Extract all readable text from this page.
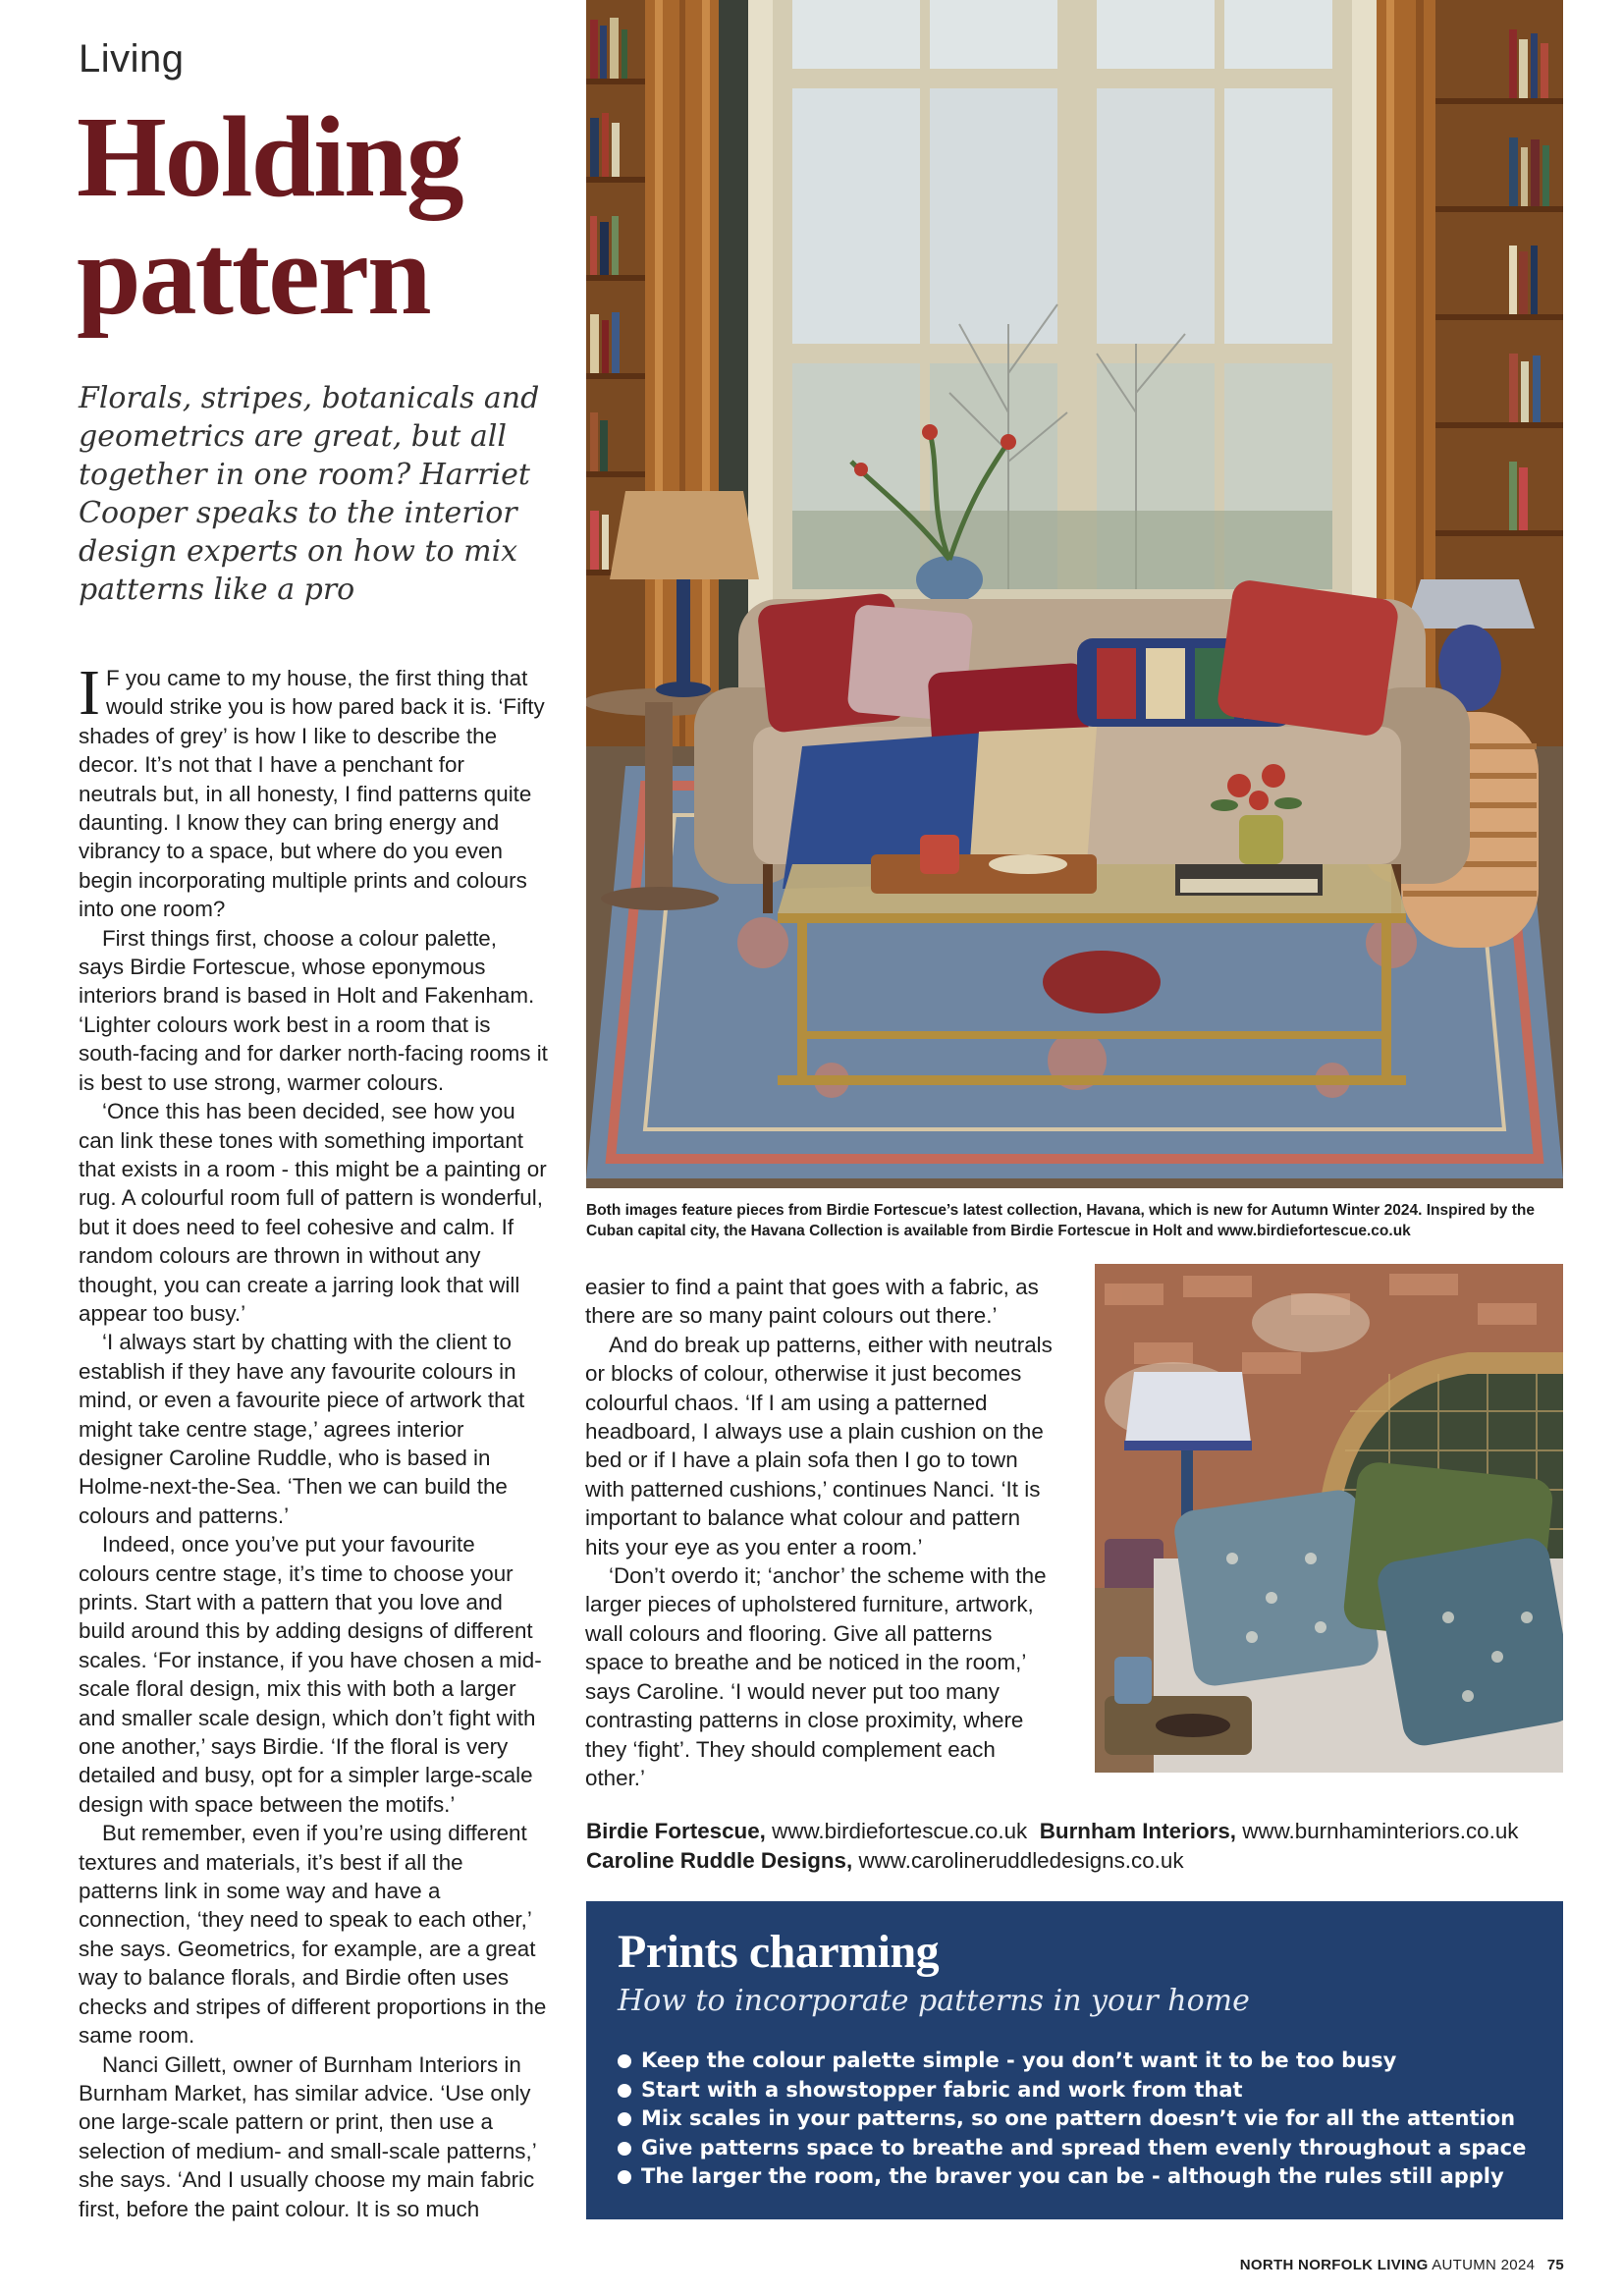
Living
Holding
pattern
Florals, stripes, botanicals and geometrics are great, but all together in one room? Harriet Cooper speaks to the interior design experts on how to mix patterns like a pro

I F you came to my house, the first thing that would strike you is how pared back it is. ‘Fifty shades of grey’ is how I like to describe the decor. It’s not that I have a penchant for neutrals but, in all honesty, I find patterns quite daunting. I know they can bring energy and vibrancy to a space, but where do you even begin incorporating multiple prints and colours into one room?

First things first, choose a colour palette, says Birdie Fortescue, whose eponymous interiors brand is based in Holt and Fakenham. ‘Lighter colours work best in a room that is south-facing and for darker north-facing rooms it is best to use strong, warmer colours.

‘Once this has been decided, see how you can link these tones with something important that exists in a room - this might be a painting or rug. A colourful room full of pattern is wonderful, but it does need to feel cohesive and calm. If random colours are thrown in without any thought, you can create a jarring look that will appear too busy.’

‘I always start by chatting with the client to establish if they have any favourite colours in mind, or even a favourite piece of artwork that might take centre stage,’ agrees interior designer Caroline Ruddle, who is based in Holme-next-the-Sea. ‘Then we can build the colours and patterns.’

Indeed, once you’ve put your favourite colours centre stage, it’s time to choose your prints. Start with a pattern that you love and build around this by adding designs of different scales. ‘For instance, if you have chosen a mid-scale floral design, mix this with both a larger and smaller scale design, which don’t fight with one another,’ says Birdie. ‘If the floral is very detailed and busy, opt for a simpler large-scale design with space between the motifs.’

But remember, even if you’re using different textures and materials, it’s best if all the patterns link in some way and have a connection, ‘they need to speak to each other,’ she says. Geometrics, for example, are a great way to balance florals, and Birdie often uses checks and stripes of different proportions in the same room.

Nanci Gillett, owner of Burnham Interiors in Burnham Market, has similar advice. ‘Use only one large-scale pattern or print, then use a selection of medium- and small-scale patterns,’ she says. ‘And I usually choose my main fabric first, before the paint colour. It is so much

Both images feature pieces from Birdie Fortescue’s latest collection, Havana, which is new for Autumn Winter 2024. Inspired by the Cuban capital city, the Havana Collection is available from Birdie Fortescue in Holt and www.birdiefortescue.co.uk

easier to find a paint that goes with a fabric, as there are so many paint colours out there.’

And do break up patterns, either with neutrals or blocks of colour, otherwise it just becomes colourful chaos. ‘If I am using a patterned headboard, I always use a plain cushion on the bed or if I have a plain sofa then I go to town with patterned cushions,’ continues Nanci. ‘It is important to balance what colour and pattern hits your eye as you enter a room.’

‘Don’t overdo it; ‘anchor’ the scheme with the larger pieces of upholstered furniture, artwork, wall colours and flooring. Give all patterns space to breathe and be noticed in the room,’ says Caroline. ‘I would never put too many contrasting patterns in close proximity, where they ‘fight’. They should complement each other.’

Birdie Fortescue, www.birdiefortescue.co.uk Burnham Interiors, www.burnhaminteriors.co.uk
Caroline Ruddle Designs, www.carolineruddledesigns.co.uk
Prints charming
How to incorporate patterns in your home
Keep the colour palette simple - you don’t want it to be too busy
Start with a showstopper fabric and work from that
Mix scales in your patterns, so one pattern doesn’t vie for all the attention
Give patterns space to breathe and spread them evenly throughout a space
The larger the room, the braver you can be - although the rules still apply
NORTH NORFOLK LIVING AUTUMN 2024 75
